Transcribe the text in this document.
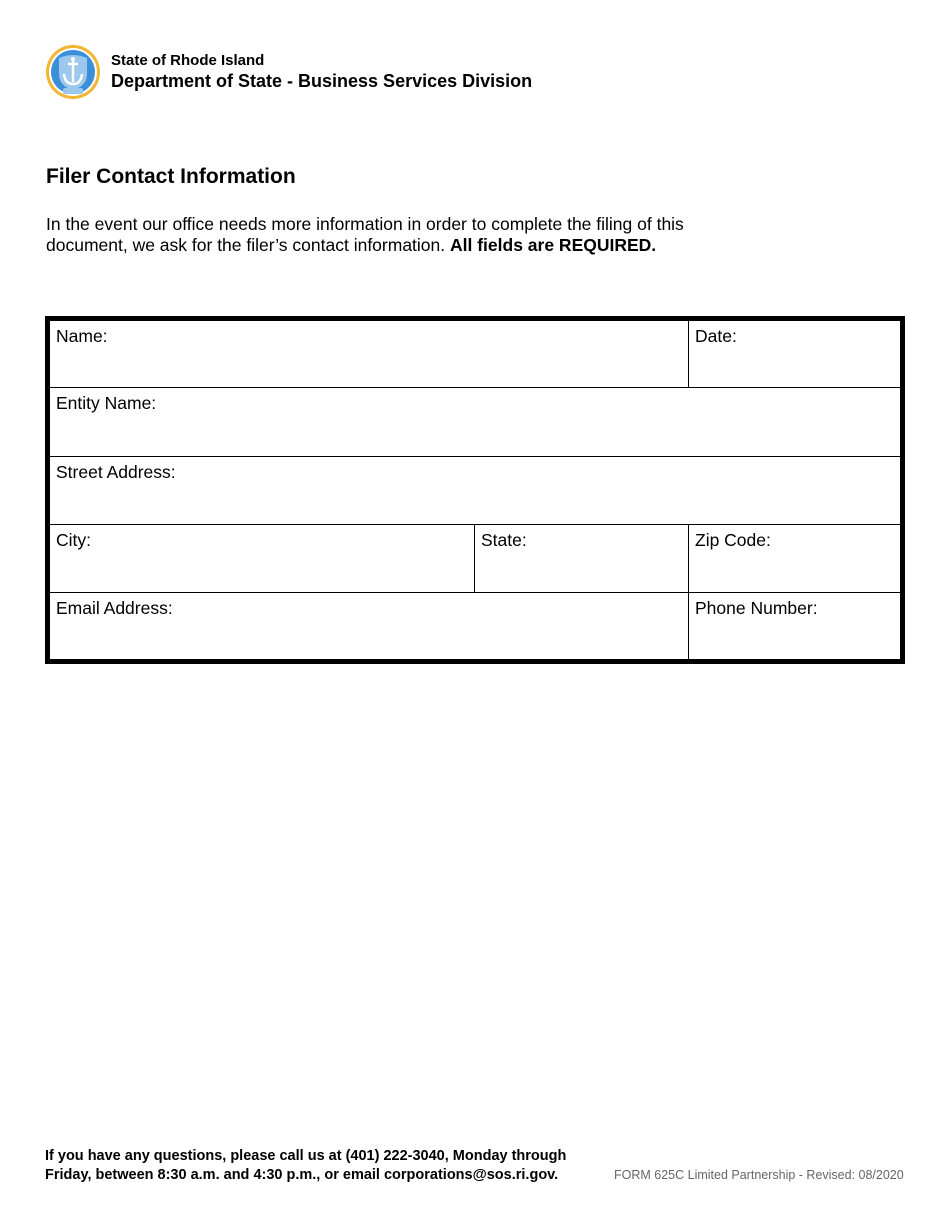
State of Rhode Island
Department of State - Business Services Division
Filer Contact Information
In the event our office needs more information in order to complete the filing of this document, we ask for the filer’s contact information. All fields are REQUIRED.
Name:	Date:
Entity Name:
Street Address:
City:	State:	Zip Code:
Email Address:	Phone Number:
If you have any questions, please call us at (401) 222-3040, Monday through
Friday, between 8:30 a.m. and 4:30 p.m., or email corporations@sos.ri.gov.	FORM 625C Limited Partnership - Revised: 08/2020
